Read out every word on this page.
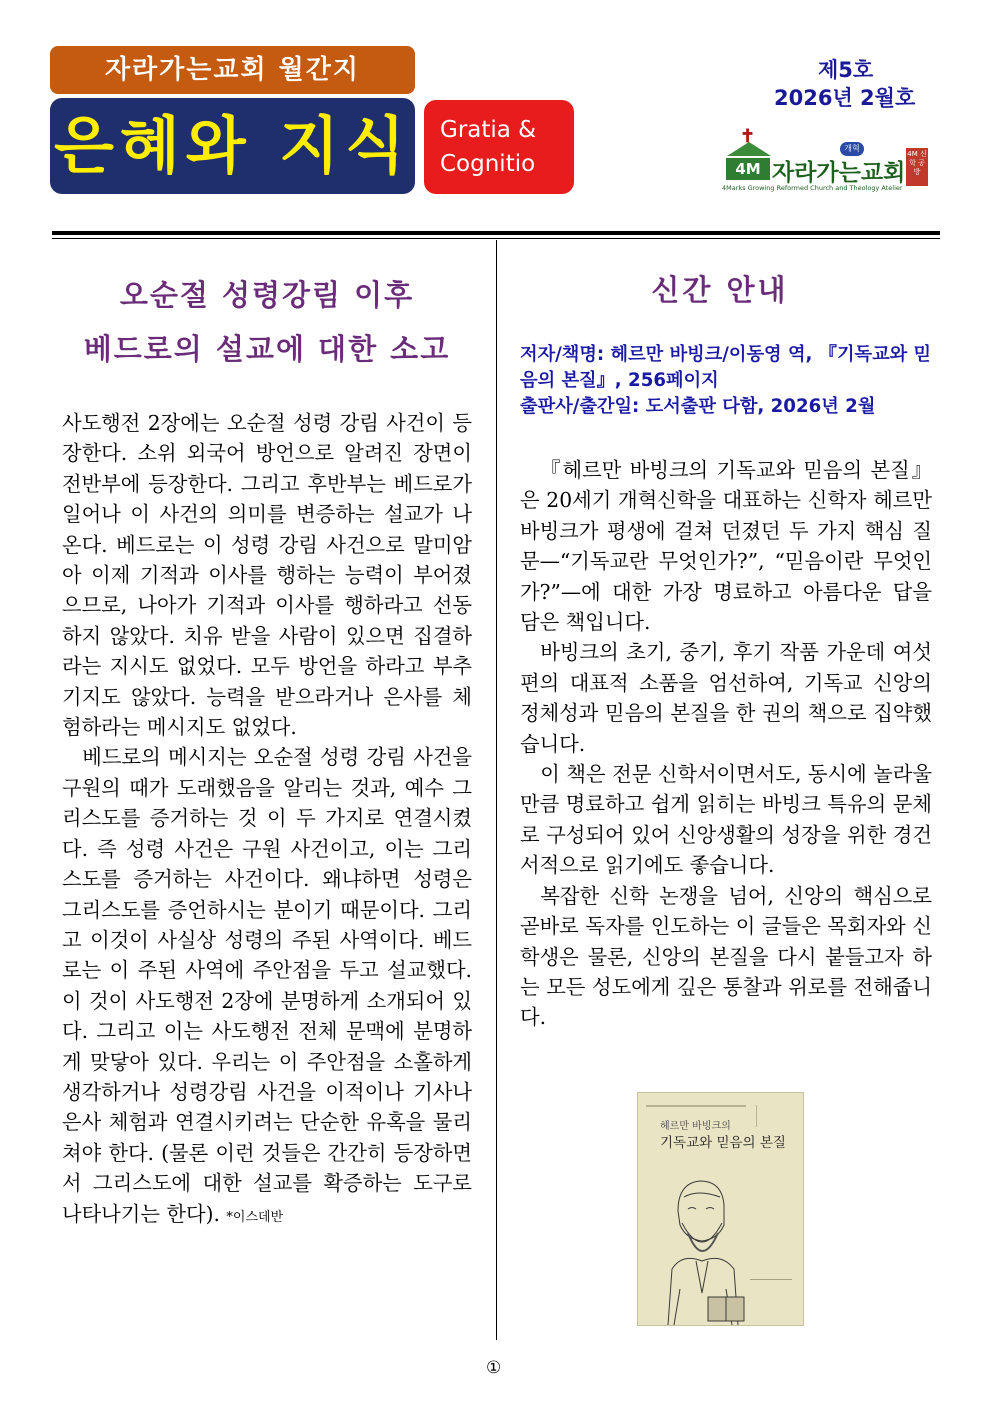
자라가는교회 월간지
은혜와 지식 Gratia &
Cognitio
제5호
2026년 2월호
✝
4M
개혁
자라가는교회
4M 신학 공방
4Marks Growing Reformed Church and Theology Atelier
오순절 성령강림 이후
베드로의 설교에 대한 소고

사도행전 2장에는 오순절 성령 강림 사건이 등장한다. 소위 외국어 방언으로 알려진 장면이 전반부에 등장한다. 그리고 후반부는 베드로가 일어나 이 사건의 의미를 변증하는 설교가 나온다. 베드로는 이 성령 강림 사건으로 말미암아 이제 기적과 이사를 행하는 능력이 부어졌으므로, 나아가 기적과 이사를 행하라고 선동하지 않았다. 치유 받을 사람이 있으면 집결하라는 지시도 없었다. 모두 방언을 하라고 부추기지도 않았다. 능력을 받으라거나 은사를 체험하라는 메시지도 없었다.

베드로의 메시지는 오순절 성령 강림 사건을 구원의 때가 도래했음을 알리는 것과, 예수 그리스도를 증거하는 것 이 두 가지로 연결시켰다. 즉 성령 사건은 구원 사건이고, 이는 그리스도를 증거하는 사건이다. 왜냐하면 성령은 그리스도를 증언하시는 분이기 때문이다. 그리고 이것이 사실상 성령의 주된 사역이다. 베드로는 이 주된 사역에 주안점을 두고 설교했다. 이 것이 사도행전 2장에 분명하게 소개되어 있다. 그리고 이는 사도행전 전체 문맥에 분명하게 맞닿아 있다. 우리는 이 주안점을 소홀하게 생각하거나 성령강림 사건을 이적이나 기사나 은사 체험과 연결시키려는 단순한 유혹을 물리쳐야 한다. (물론 이런 것들은 간간히 등장하면서 그리스도에 대한 설교를 확증하는 도구로 나타나기는 한다). *이스데반

신간 안내

저자/책명: 헤르만 바빙크/이동영 역, 『기독교와 믿음의 본질』, 256페이지

출판사/출간일: 도서출판 다함, 2026년 2월

『헤르만 바빙크의 기독교와 믿음의 본질』은 20세기 개혁신학을 대표하는 신학자 헤르만 바빙크가 평생에 걸쳐 던졌던 두 가지 핵심 질문—“기독교란 무엇인가?”, “믿음이란 무엇인가?”—에 대한 가장 명료하고 아름다운 답을 담은 책입니다.

바빙크의 초기, 중기, 후기 작품 가운데 여섯 편의 대표적 소품을 엄선하여, 기독교 신앙의 정체성과 믿음의 본질을 한 권의 책으로 집약했습니다.

이 책은 전문 신학서이면서도, 동시에 놀라울 만큼 명료하고 쉽게 읽히는 바빙크 특유의 문체로 구성되어 있어 신앙생활의 성장을 위한 경건서적으로 읽기에도 좋습니다.

복잡한 신학 논쟁을 넘어, 신앙의 핵심으로 곧바로 독자를 인도하는 이 글들은 목회자와 신학생은 물론, 신앙의 본질을 다시 붙들고자 하는 모든 성도에게 깊은 통찰과 위로를 전해줍니다.

헤르만 바빙크의
기독교와 믿음의 본질
①
